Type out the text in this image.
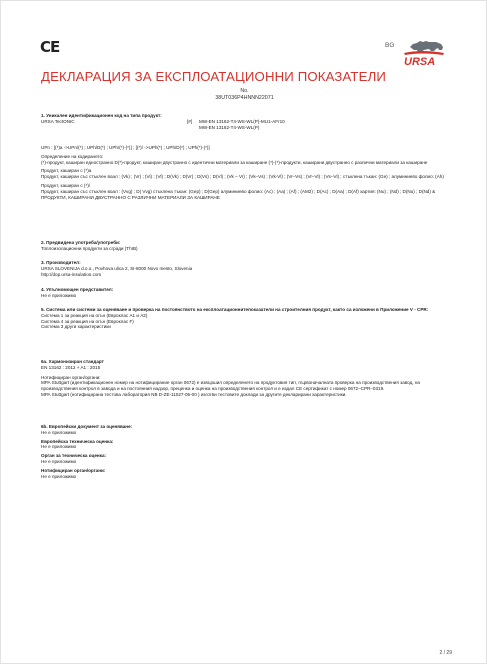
CE	BG
URSA
ДЕКЛАРАЦИЯ ЗА ЕКСПЛОАТАЦИОННИ ПОКАЗАТЕЛИ
No.
38UT036P4HNNN22071

1. Уникален идентификационен код на типа продукт:

URSA TectONIC	[#] MW-EN 13162-T4-WS-WL(P)-MU1-AFr10
MW-EN 13162-T4-WS-WL(P)

UPn : [(*)a ->UPn/(*) ; UPh/D(*) ; UPh/(*)-(*)] ; [(*)/ ->UPh(*) ; UPh/D(*) ; UPh(*)-(*)]

Определение на кодирането:

(*)-продукт, каширан едностранно D(*)-продукт, каширан двустранно с идентични материали за каширане (*)-(*)-продукти, каширани двустранно с различни материали за каширане

Продукт, каширан с (*)а

Продукт, каширан със стъклен воал : (Vk) ; (Vr) ; (Vi) ; (Vl) ; D(Vk) ; D(Vr) ; D(Vs) ; D(Vl) ; (Vk – Vr) ; (Vk–Vs) ; (Vk-Vl) ; (Vr–Vs) ; (Vr–Vl) ; (Vs–Vl) ; стъклена тъкан: (Ge) ; алуминиево фолио: (Ah)

Продукт, каширан с (*)/

Продукт, каширан със стъклен воал : (Vvg) ; D( Vvg) стъклена тъкан: (Gep) ; D(Gep) алуминиево фолио: (Ac) ; (Aa) ; (Af) ; (AM2) ; D(Ac) ; D(Aa) ; D(Af) хартия: (Nu) ; (Nd) ; D(Nu) ; D(Nd) & ПРОДУКТИ, КАШИРАНИ ДВУСТРАННО С РАЗЛИЧНИ МАТЕРИАЛИ ЗА КАШИРАНЕ

2. Предвидена употреба/употреби:

Топлоизолационни продукти за сгради (ThIB)

3. Производител:

URSA SLOVENIJA d.o.o., Povhova ulica 2, SI-8000 Novo mesto, Slovenia

http://dop.ursa-insulation.com

4. Упълномощен представител:

Не е приложимо

5. Система или системи за оценяване и проверка на постоянството на експлоатационнитепоказатели на строителния продукт, както са изложени в Приложение V - CPR:

Система 1 за реакция на огън (Евроклас A1 и A2)

Система 4 за реакция на огън (Евроклас F)

Система 3 други характеристики

6а. Хармонизиран стандарт

EN 13162 : 2012 + A1 : 2015

Нотифициран орган/органи:

MPA Stuttgart (идентификационен номер на нотифицирание орган 0672) е извършил определянето на продуктовия тип, първоначалната проверка на производствения завод, на производствения контрол в завода и на постоянния надзор, преценка и оценка на производствения контрол и е издал CE сертификат с номер 0672–CPR–0319.

MPA Stuttgart (нотифицирана тестова лаборатория NB D-ZE-11027-05-00 ) изготви тестовите доклади за другите декларирани характеристики.

6b. Европейски документ за оценяване:

Не е приложимо

Европейска техническа оценка:

Не е приложимо

Орган за техническа оценка:

Не е приложимо

Нотифициран орган/органи:

Не е приложимо

2 / 29
